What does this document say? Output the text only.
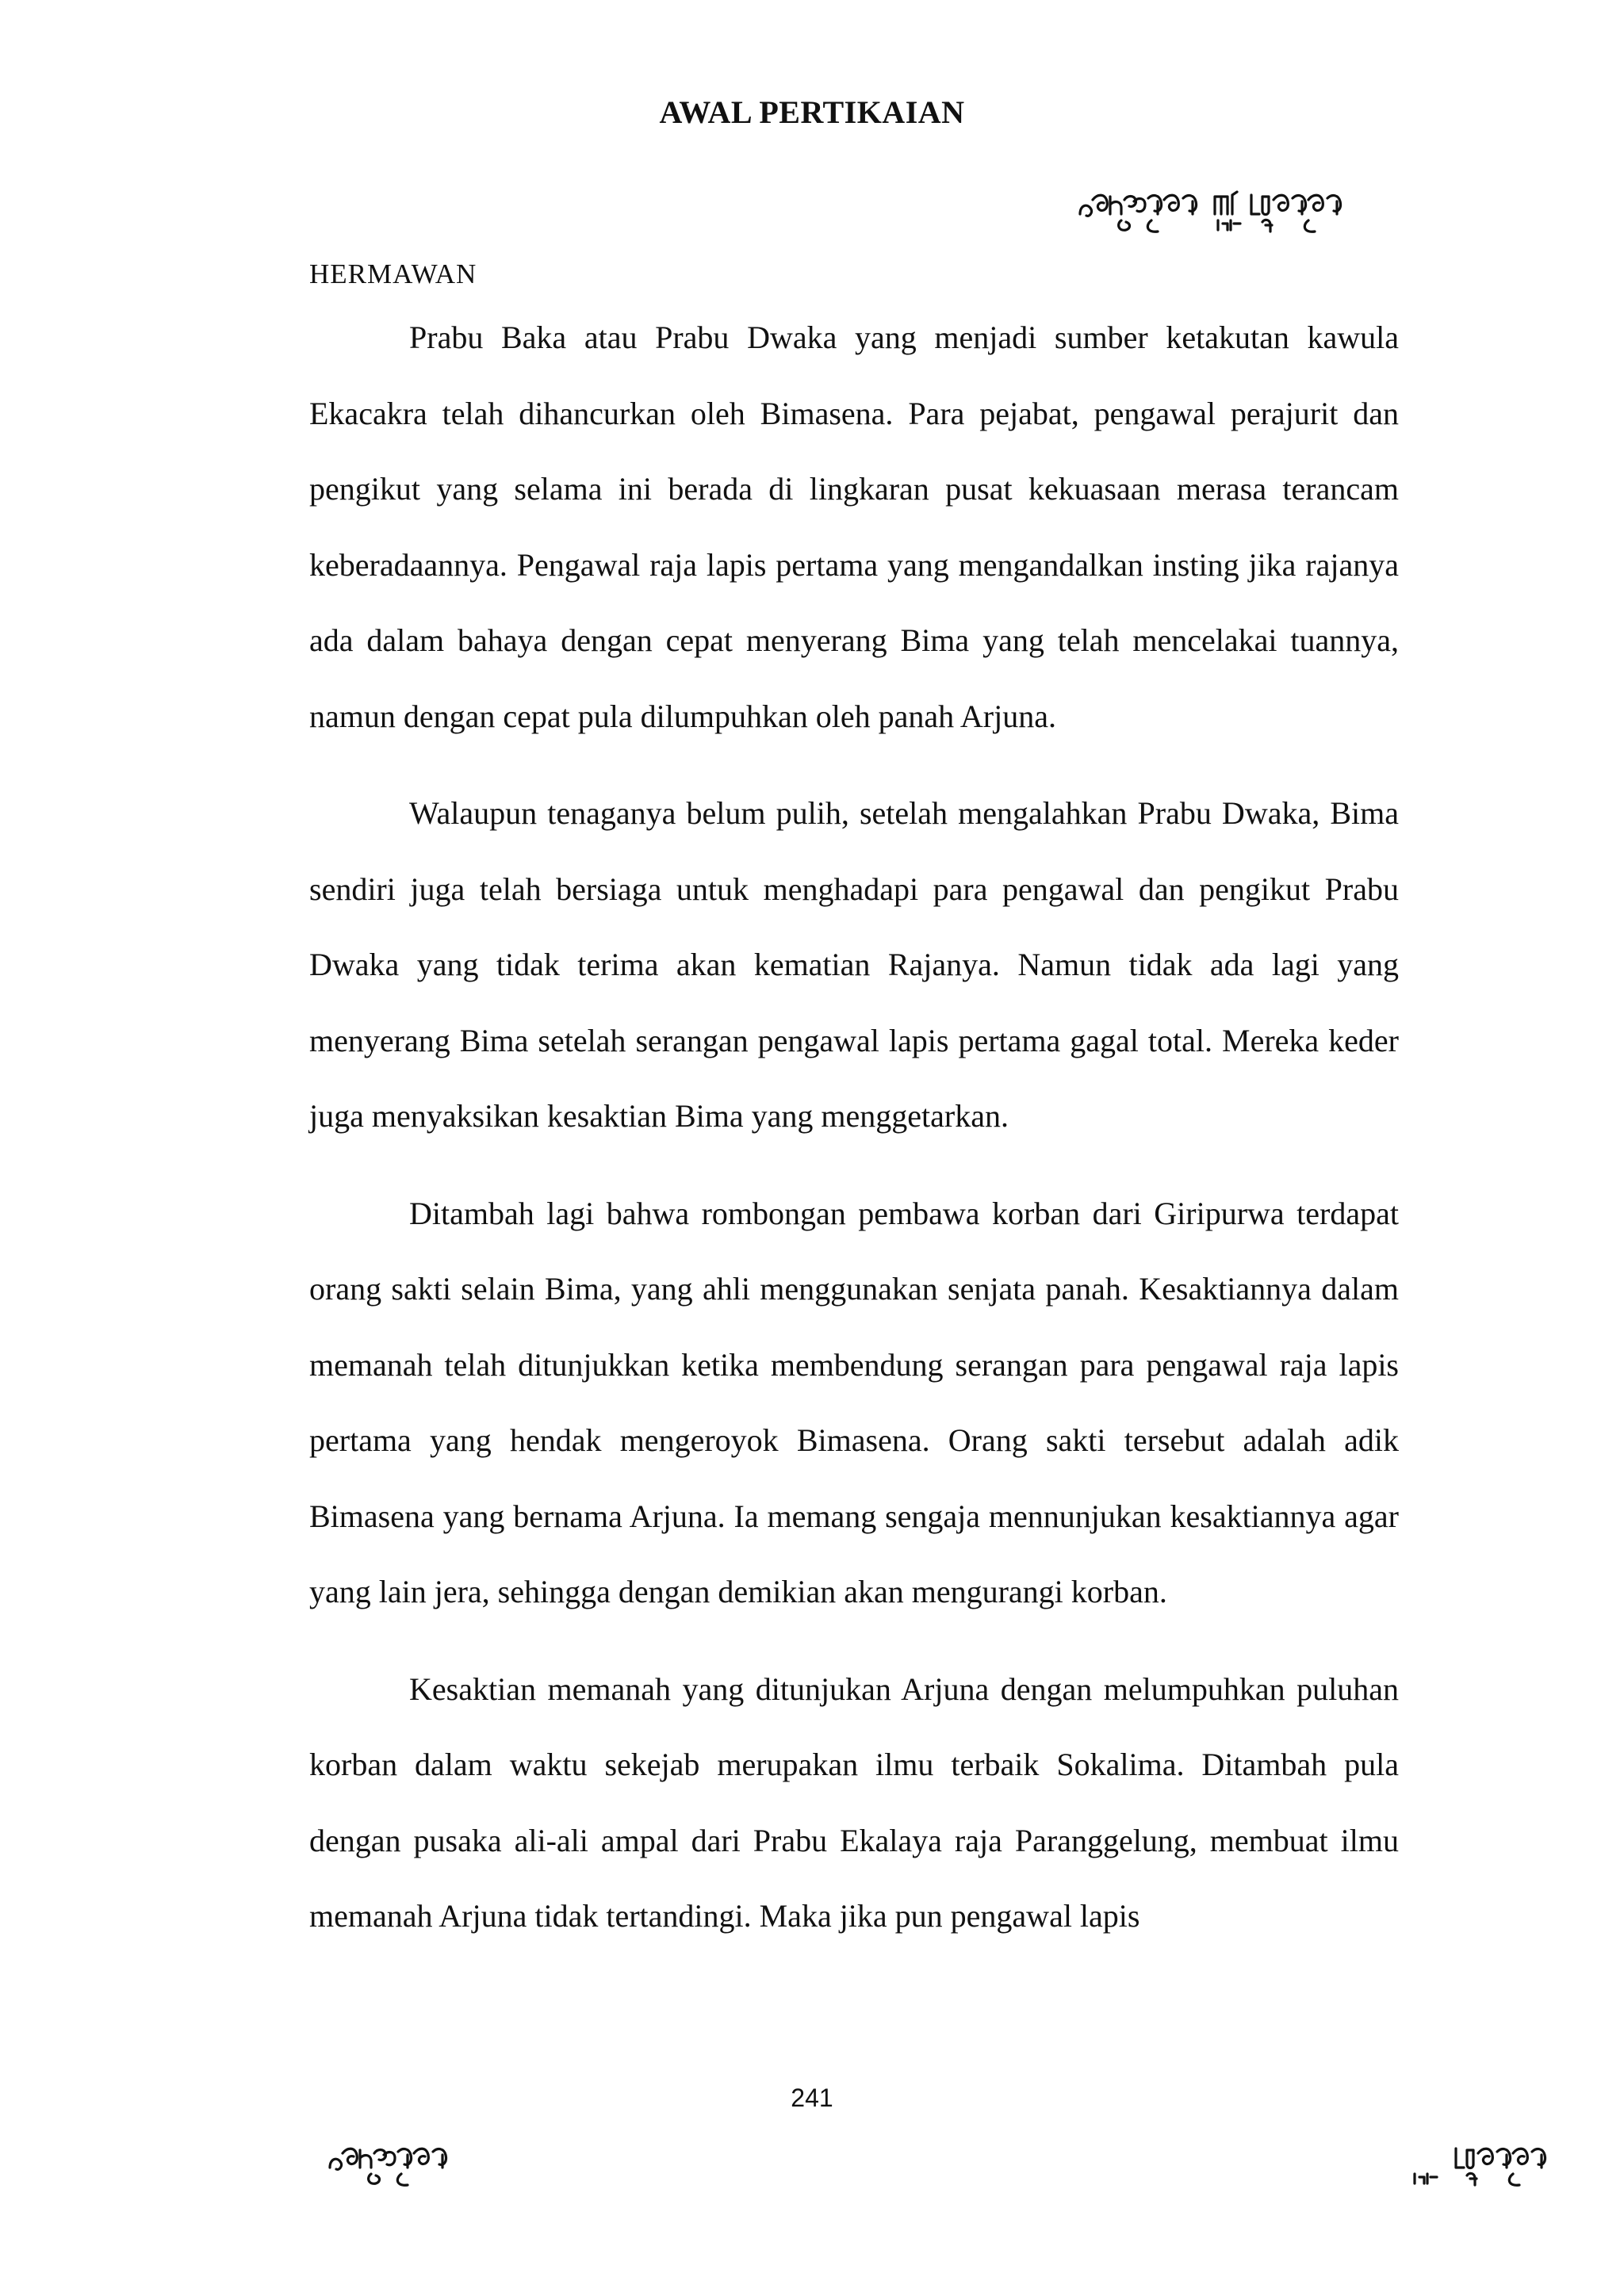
AWAL PERTIKAIAN
HERMAWAN

Prabu Baka atau Prabu Dwaka yang menjadi sumber ketakutan kawula Ekacakra telah dihancurkan oleh Bimasena. Para pejabat, pengawal perajurit dan pengikut yang selama ini berada di lingkaran pusat kekuasaan merasa terancam keberadaannya. Pengawal raja lapis pertama yang mengandalkan insting jika rajanya ada dalam bahaya dengan cepat menyerang Bima yang telah mencelakai tuannya, namun dengan cepat pula dilumpuhkan oleh panah Arjuna.

Walaupun tenaganya belum pulih, setelah mengalahkan Prabu Dwaka, Bima sendiri juga telah bersiaga untuk menghadapi para pengawal dan pengikut Prabu Dwaka yang tidak terima akan kematian Rajanya. Namun tidak ada lagi yang menyerang Bima setelah serangan pengawal lapis pertama gagal total. Mereka keder juga menyaksikan kesaktian Bima yang menggetarkan.

Ditambah lagi bahwa rombongan pembawa korban dari Giripurwa terdapat orang sakti selain Bima, yang ahli menggunakan senjata panah. Kesaktiannya dalam memanah telah ditunjukkan ketika membendung serangan para pengawal raja lapis pertama yang hendak mengeroyok Bimasena. Orang sakti tersebut adalah adik Bimasena yang bernama Arjuna. Ia memang sengaja mennunjukan kesaktiannya agar yang lain jera, sehingga dengan demikian akan mengurangi korban.

Kesaktian memanah yang ditunjukan Arjuna dengan melumpuhkan puluhan korban dalam waktu sekejab merupakan ilmu terbaik Sokalima. Ditambah pula dengan pusaka ali-ali ampal dari Prabu Ekalaya raja Paranggelung, membuat ilmu memanah Arjuna tidak tertandingi. Maka jika pun pengawal lapis

241
